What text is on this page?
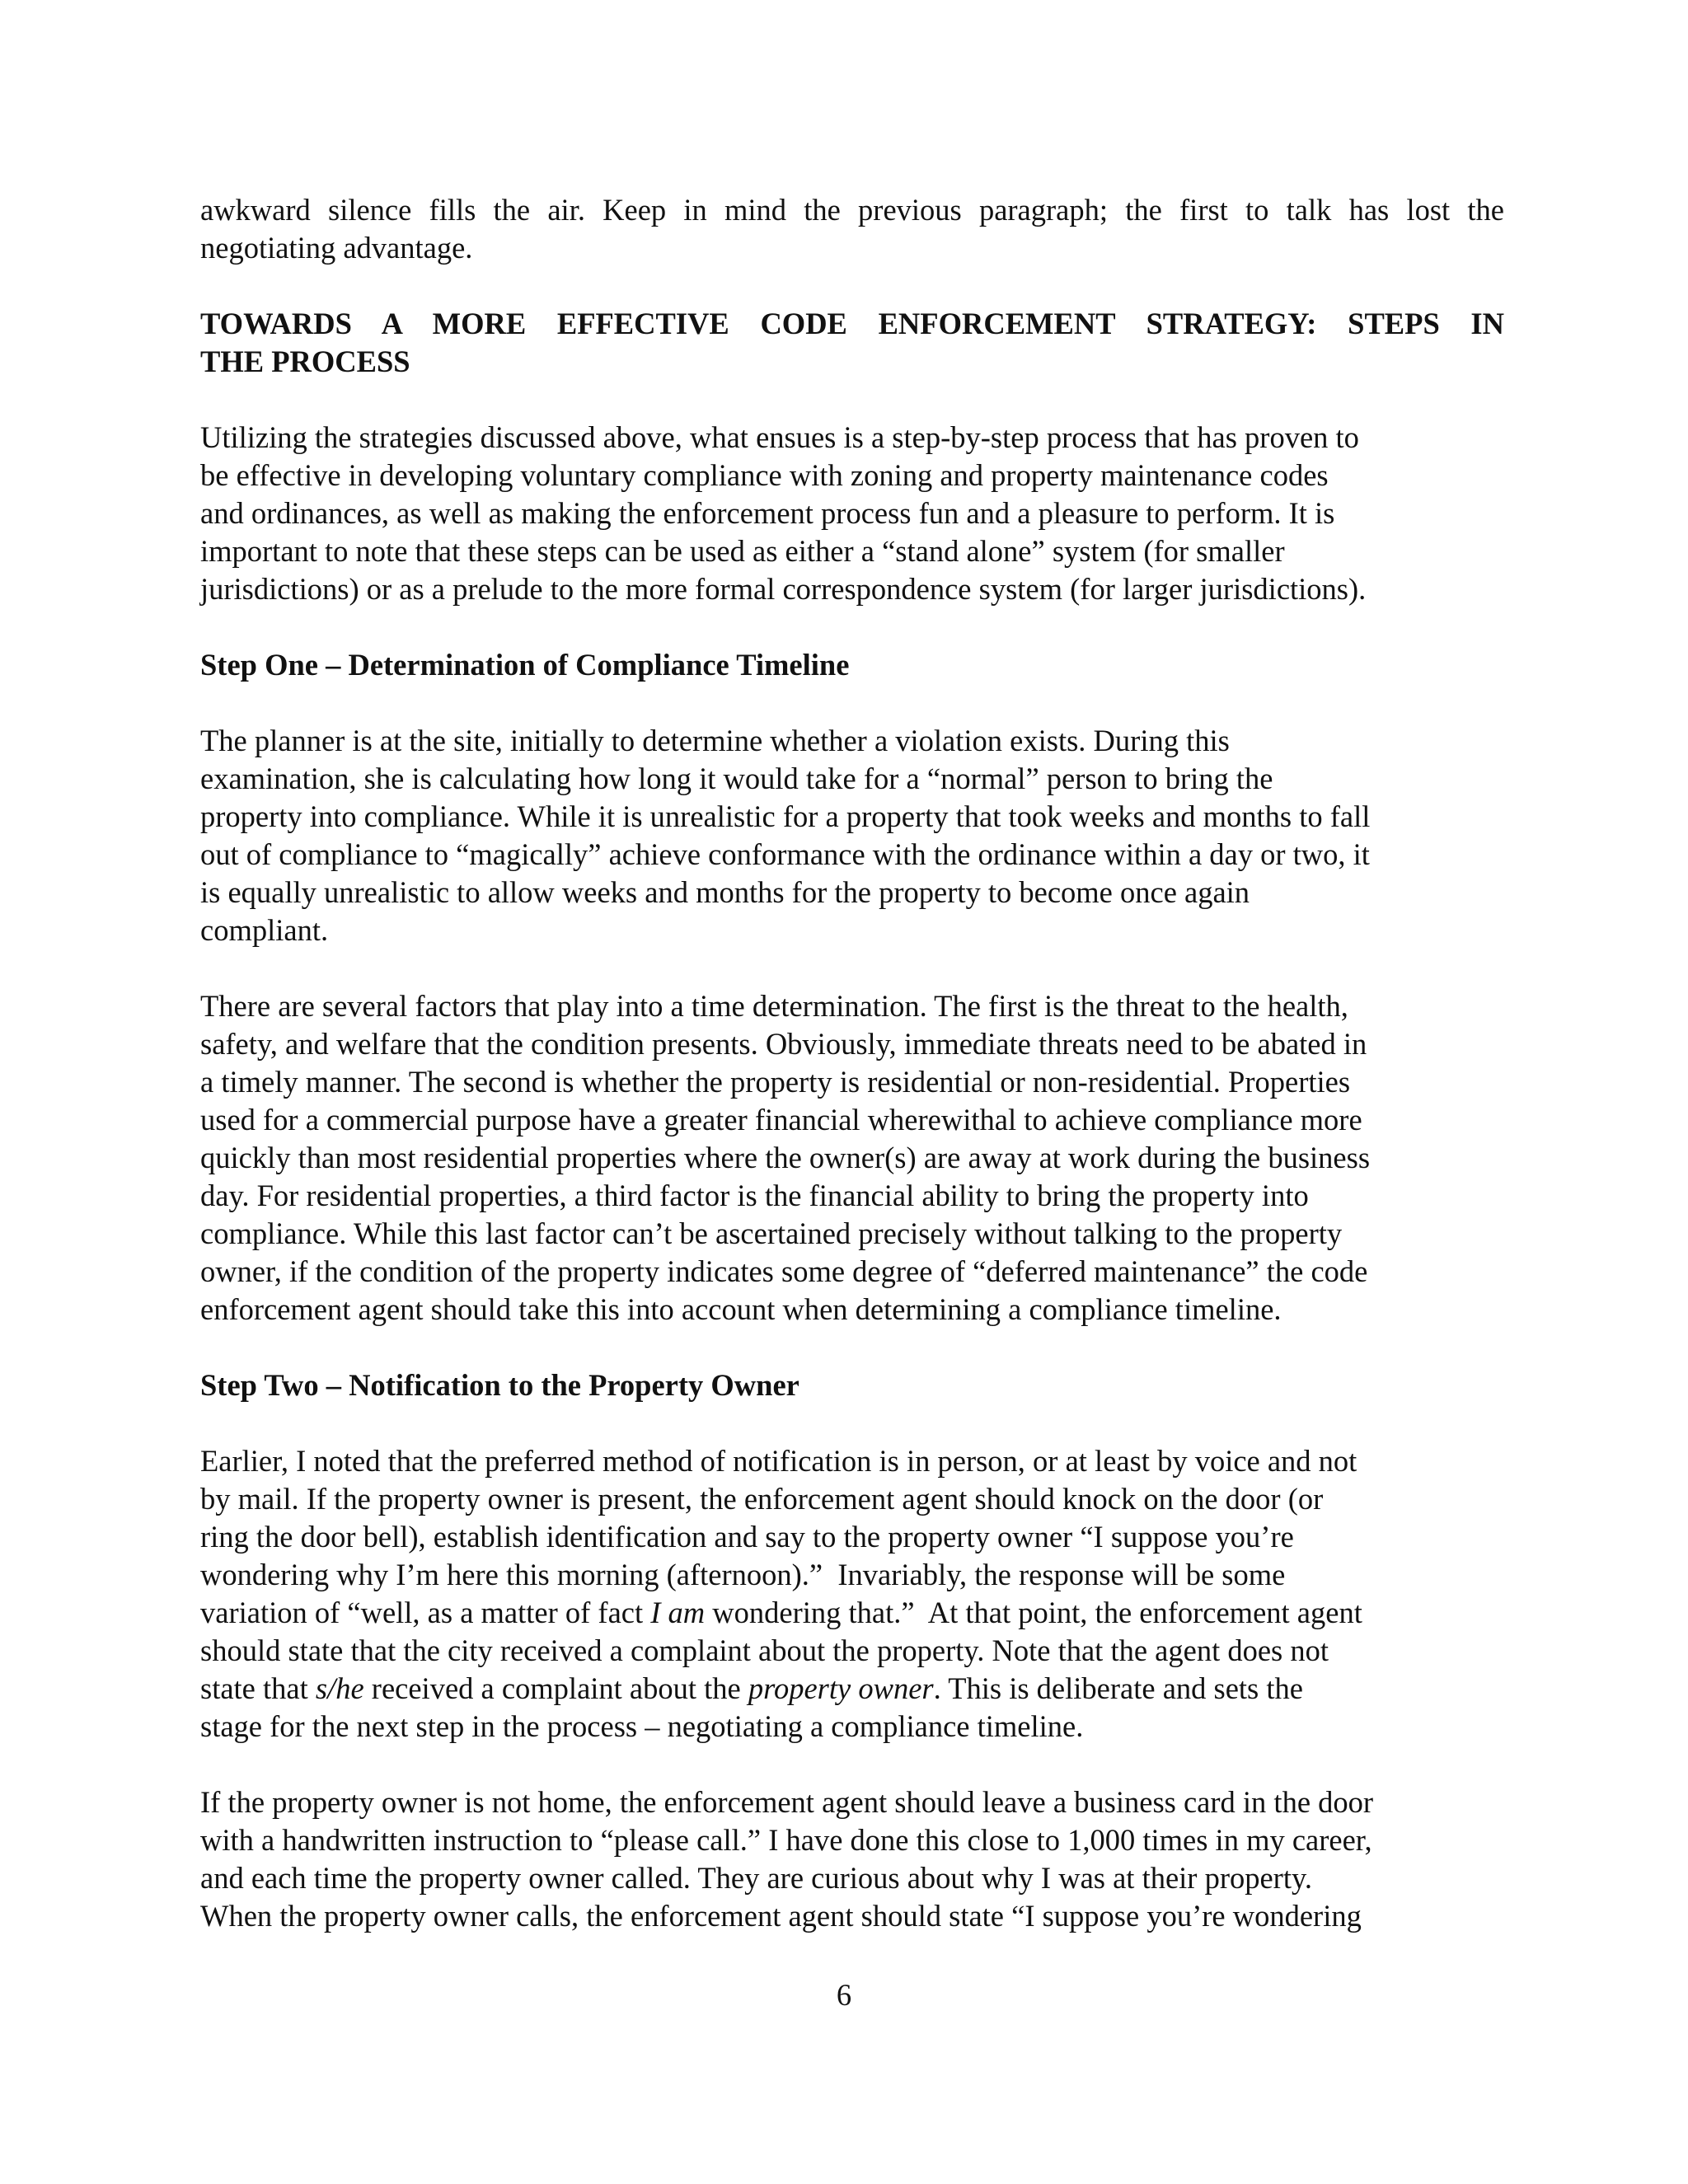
awkward silence fills the air. Keep in mind the previous paragraph; the first to talk has lost the
negotiating advantage.

TOWARDS A MORE EFFECTIVE CODE ENFORCEMENT STRATEGY: STEPS IN
THE PROCESS

Utilizing the strategies discussed above, what ensues is a step-by-step process that has proven to
be effective in developing voluntary compliance with zoning and property maintenance codes
and ordinances, as well as making the enforcement process fun and a pleasure to perform. It is
important to note that these steps can be used as either a “stand alone” system (for smaller
jurisdictions) or as a prelude to the more formal correspondence system (for larger jurisdictions).

Step One – Determination of Compliance Timeline

The planner is at the site, initially to determine whether a violation exists. During this
examination, she is calculating how long it would take for a “normal” person to bring the
property into compliance. While it is unrealistic for a property that took weeks and months to fall
out of compliance to “magically” achieve conformance with the ordinance within a day or two, it
is equally unrealistic to allow weeks and months for the property to become once again
compliant.

There are several factors that play into a time determination. The first is the threat to the health,
safety, and welfare that the condition presents. Obviously, immediate threats need to be abated in
a timely manner. The second is whether the property is residential or non-residential. Properties
used for a commercial purpose have a greater financial wherewithal to achieve compliance more
quickly than most residential properties where the owner(s) are away at work during the business
day. For residential properties, a third factor is the financial ability to bring the property into
compliance. While this last factor can’t be ascertained precisely without talking to the property
owner, if the condition of the property indicates some degree of “deferred maintenance” the code
enforcement agent should take this into account when determining a compliance timeline.

Step Two – Notification to the Property Owner

Earlier, I noted that the preferred method of notification is in person, or at least by voice and not
by mail. If the property owner is present, the enforcement agent should knock on the door (or
ring the door bell), establish identification and say to the property owner “I suppose you’re
wondering why I’m here this morning (afternoon).”  Invariably, the response will be some
variation of “well, as a matter of fact I am wondering that.”  At that point, the enforcement agent
should state that the city received a complaint about the property. Note that the agent does not
state that s/he received a complaint about the property owner. This is deliberate and sets the
stage for the next step in the process – negotiating a compliance timeline.

If the property owner is not home, the enforcement agent should leave a business card in the door
with a handwritten instruction to “please call.” I have done this close to 1,000 times in my career,
and each time the property owner called. They are curious about why I was at their property.
When the property owner calls, the enforcement agent should state “I suppose you’re wondering

6
